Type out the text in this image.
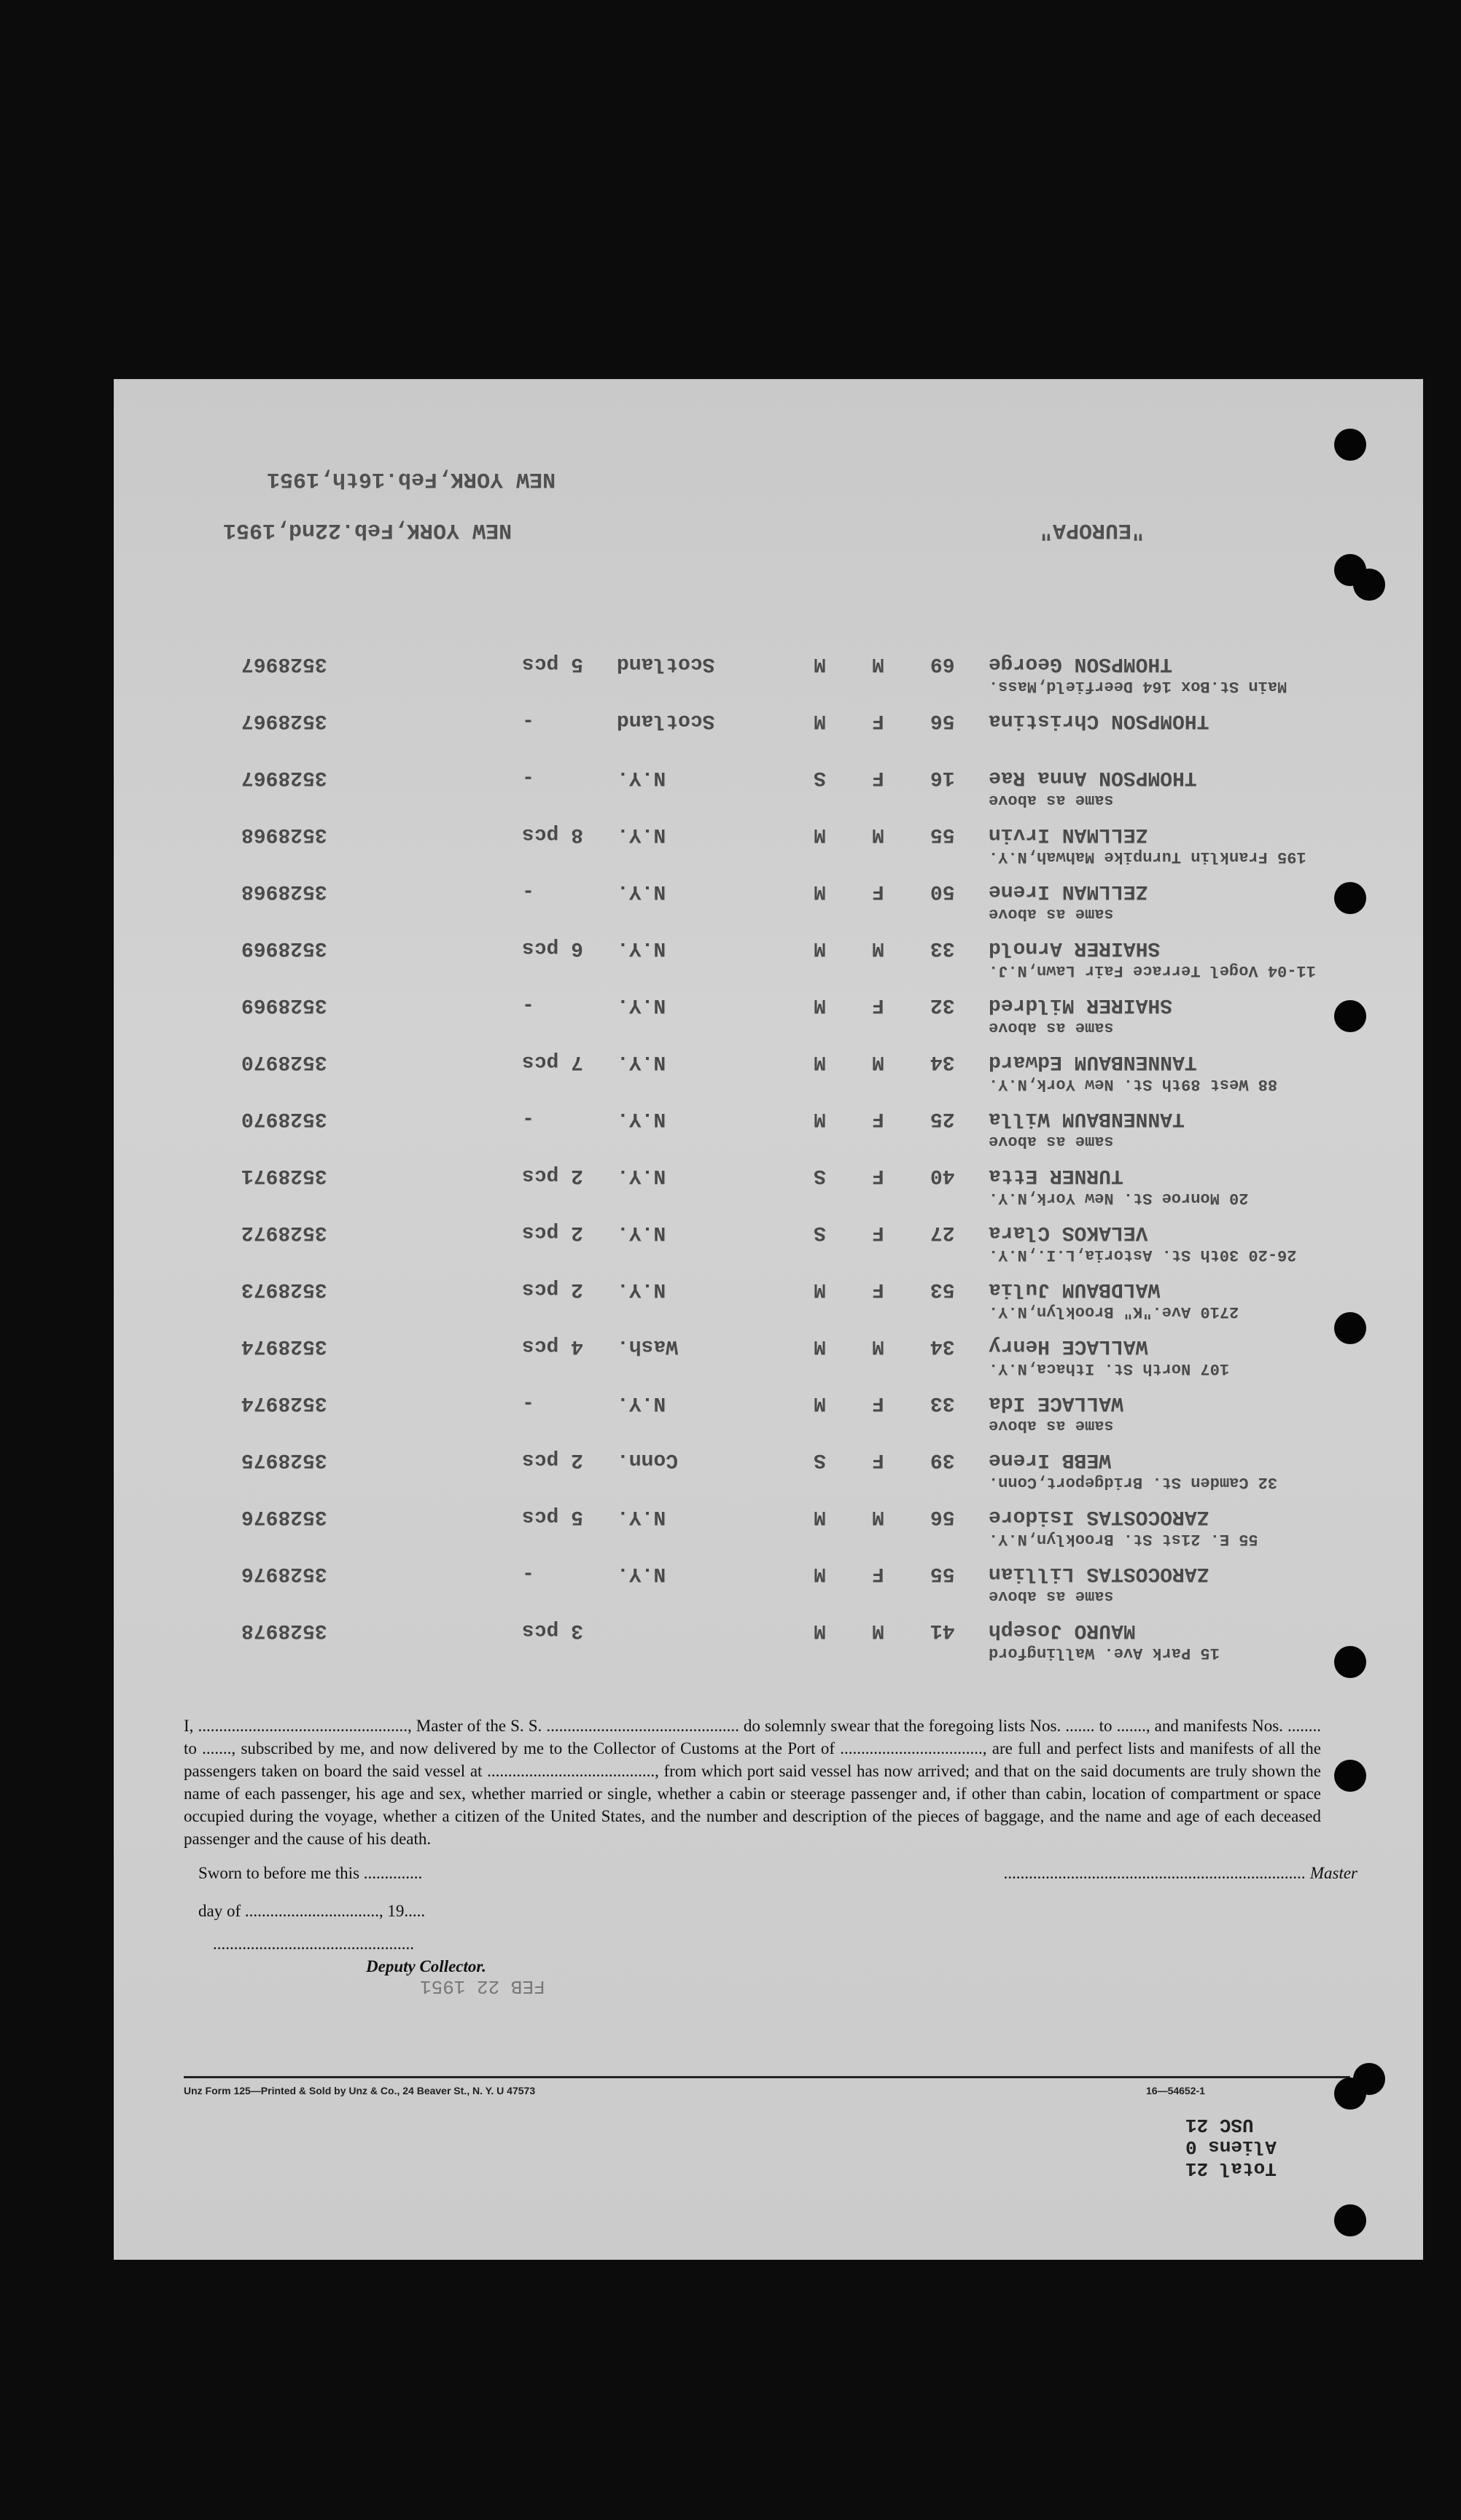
NEW YORK,Feb.16th,1951
NEW YORK,Feb.22nd,1951	"EUROPA"
3528967	5 pcs Scotland	M M 69 THOMPSON George
Main St.Box 164 Deerfield,Mass.
3528967	-	Scotland	M F 56 THOMPSON Christina
3528967	-	N.Y.	S F 16 THOMPSON Anna Rae
same as above
3528968	8 pcs N.Y.	M M 55 ZELLMAN Irvin
195 Franklin Turnpike Mahwah,N.Y.
3528968	-	N.Y.	M F 50 ZELLMAN Irene
same as above
3528969	6 pcs N.Y.	M M 33 SHAIRER Arnold
11-04 Vogel Terrace Fair Lawn,N.J.
3528969	-	N.Y.	M F 32 SHAIRER Mildred
same as above
3528970	7 pcs N.Y.	M M 34 TANNENBAUM Edward
88 West 89th St. New York,N.Y.
3528970	-	N.Y.	M F 25 TANNENBAUM Willa
same as above
3528971	2 pcs N.Y.	S F 40 TURNER Etta
20 Monroe St. New York,N.Y.
3528972	2 pcs N.Y.	S F 27 VELAKOS Clara
26-20 30th St. Astoria,L.I.,N.Y.
3528973	2 pcs N.Y.	M F 53 WALDBAUM Julia
2710 Ave."K" Brooklyn,N.Y.
3528974	4 pcs Wash.	M M 34 WALLACE Henry
107 North St. Ithaca,N.Y.
3528974	-	N.Y.	M F 33 WALLACE Ida
same as above
3528975	2 pcs Conn.	S F 39 WEBB Irene
32 Camden St. Bridgeport,Conn.
3528976	5 pcs N.Y.	M M 56 ZAROCOSTAS Isidore
55 E. 21st St. Brooklyn,N.Y.
3528976	-	N.Y.	M F 55 ZAROCOSTAS Lillian
same as above
3528978	3 pcs	M M 41 MAURO Joseph
15 Park Ave. Wallingford

I, .................................................., Master of the S. S. .............................................. do solemnly swear that the foregoing lists Nos. ....... to ......., and manifests Nos. ........ to ......., subscribed by me, and now delivered by me to the Collector of Customs at the Port of .................................., are full and perfect lists and manifests of all the passengers taken on board the said vessel at ........................................, from which port said vessel has now arrived; and that on the said documents are truly shown the name of each passenger, his age and sex, whether married or single, whether a cabin or steerage passenger and, if other than cabin, location of compartment or space occupied during the voyage, whether a citizen of the United States, and the number and description of the pieces of baggage, and the name and age of each deceased passenger and the cause of his death.

Sworn to before me this ..............	........................................................................ Master
day of ................................, 19.....
................................................
Deputy Collector.
FEB 22 1951
Unz Form 125—Printed & Sold by Unz & Co., 24 Beaver St., N. Y. U 47573	16—54652-1
USC 21
Aliens 0
Total 21
